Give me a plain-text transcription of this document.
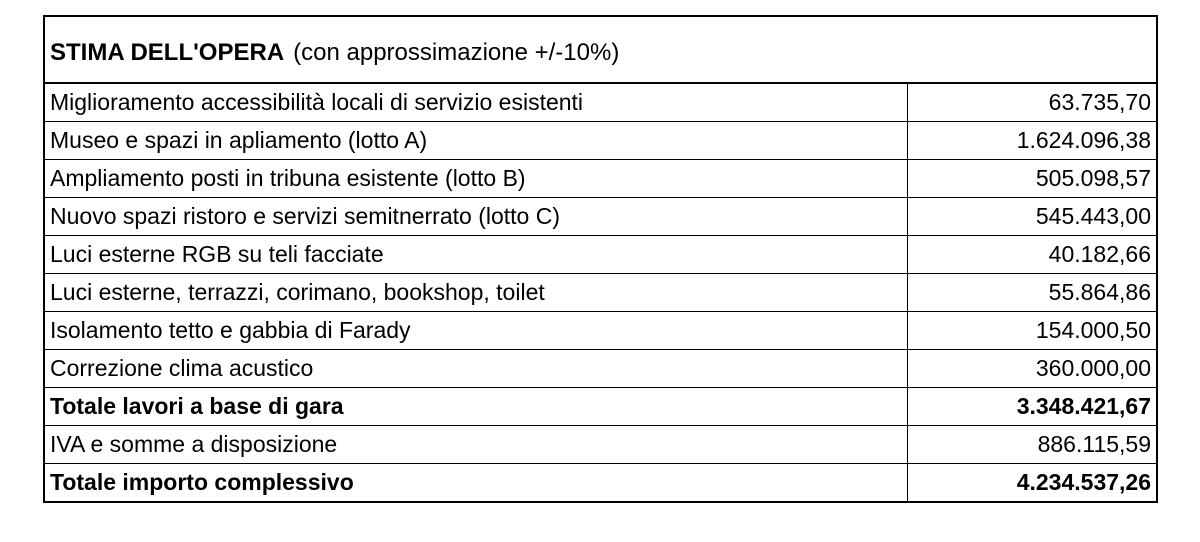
STIMA DELL'OPERA (con approssimazione +/-10%)
Miglioramento accessibilità locali di servizio esistenti	63.735,70
Museo e spazi in apliamento (lotto A)	1.624.096,38
Ampliamento posti in tribuna esistente (lotto B)	505.098,57
Nuovo spazi ristoro e servizi semitnerrato (lotto C)	545.443,00
Luci esterne RGB su teli facciate	40.182,66
Luci esterne, terrazzi, corimano, bookshop, toilet	55.864,86
Isolamento tetto e gabbia di Farady	154.000,50
Correzione clima acustico	360.000,00
Totale lavori a base di gara	3.348.421,67
IVA e somme a disposizione	886.115,59
Totale importo complessivo	4.234.537,26
